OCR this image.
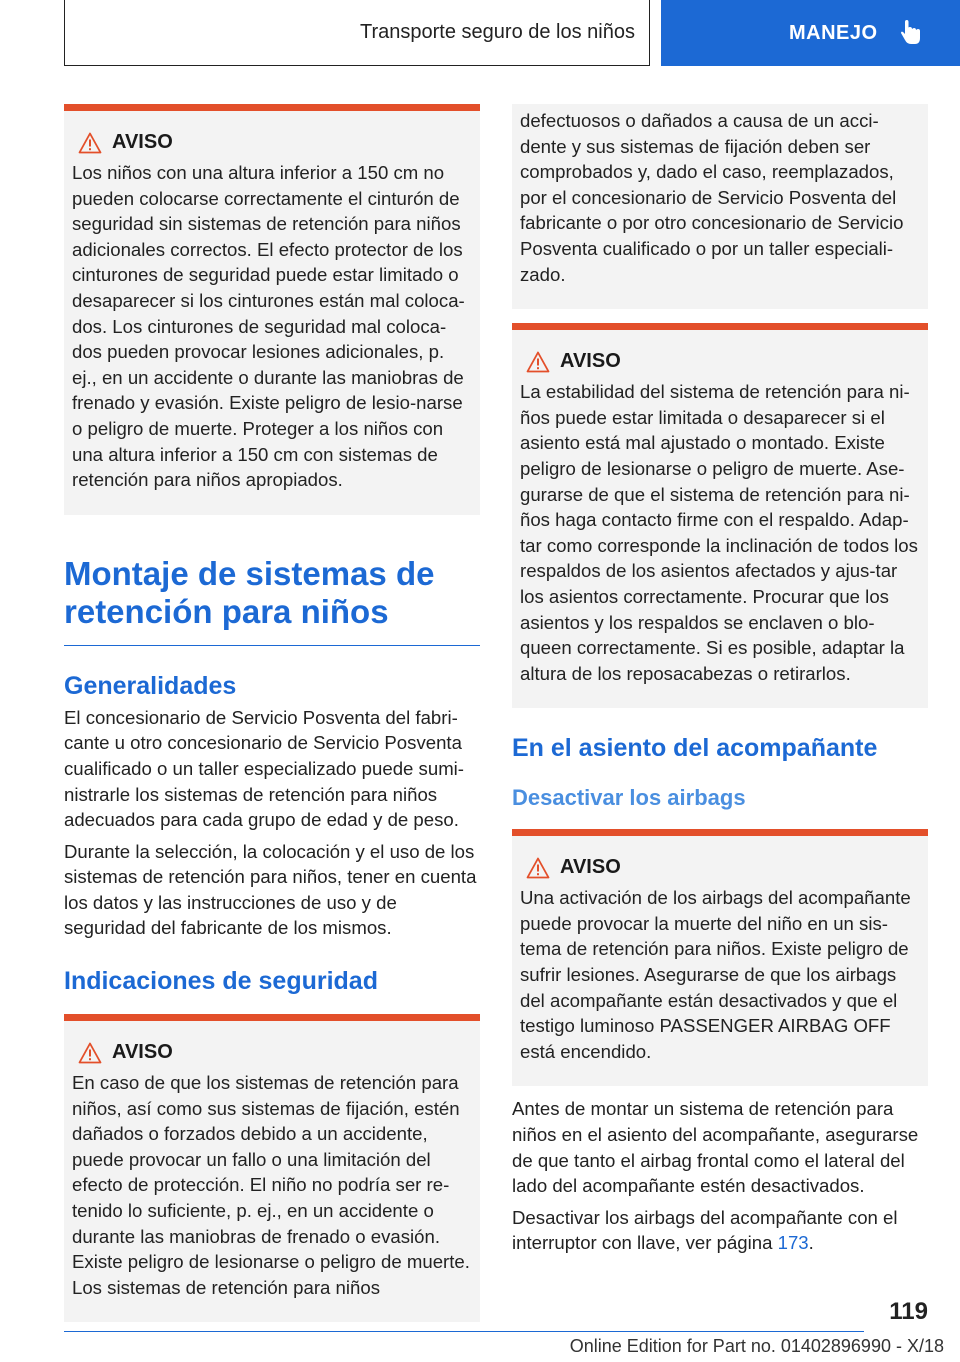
Transporte seguro de los niños	MANEJO
AVISO

Los niños con una altura inferior a 150 cm no pueden colocarse correctamente el cinturón de seguridad sin sistemas de retención para niños adicionales correctos. El efecto protector de los cinturones de seguridad puede estar limitado o desaparecer si los cinturones están mal coloca‐dos. Los cinturones de seguridad mal coloca‐dos pueden provocar lesiones adicionales, p. ej., en un accidente o durante las maniobras de frenado y evasión. Existe peligro de lesio‐narse o peligro de muerte. Proteger a los niños con una altura inferior a 150 cm con sistemas de retención para niños apropiados.

Montaje de sistemas de retención para niños
Generalidades

El concesionario de Servicio Posventa del fabri‐cante u otro concesionario de Servicio Posventa cualificado o un taller especializado puede sumi‐nistrarle los sistemas de retención para niños adecuados para cada grupo de edad y de peso.

Durante la selección, la colocación y el uso de los sistemas de retención para niños, tener en cuenta los datos y las instrucciones de uso y de seguridad del fabricante de los mismos.

Indicaciones de seguridad
AVISO

En caso de que los sistemas de retención para niños, así como sus sistemas de fijación, estén dañados o forzados debido a un accidente, puede provocar un fallo o una limitación del efecto de protección. El niño no podría ser re‐tenido lo suficiente, p. ej., en un accidente o durante las maniobras de frenado o evasión. Existe peligro de lesionarse o peligro de muerte. Los sistemas de retención para niños

defectuosos o dañados a causa de un acci‐dente y sus sistemas de fijación deben ser comprobados y, dado el caso, reemplazados, por el concesionario de Servicio Posventa del fabricante o por otro concesionario de Servicio Posventa cualificado o por un taller especiali‐zado.

AVISO

La estabilidad del sistema de retención para ni‐ños puede estar limitada o desaparecer si el asiento está mal ajustado o montado. Existe peligro de lesionarse o peligro de muerte. Ase‐gurarse de que el sistema de retención para ni‐ños haga contacto firme con el respaldo. Adap‐tar como corresponde la inclinación de todos los respaldos de los asientos afectados y ajus‐tar los asientos correctamente. Procurar que los asientos y los respaldos se enclaven o blo‐queen correctamente. Si es posible, adaptar la altura de los reposacabezas o retirarlos.

En el asiento del acompañante
Desactivar los airbags
AVISO

Una activación de los airbags del acompañante puede provocar la muerte del niño en un sis‐tema de retención para niños. Existe peligro de sufrir lesiones. Asegurarse de que los airbags del acompañante están desactivados y que el testigo luminoso PASSENGER AIRBAG OFF está encendido.

Antes de montar un sistema de retención para niños en el asiento del acompañante, asegurarse de que tanto el airbag frontal como el lateral del lado del acompañante estén desactivados.

Desactivar los airbags del acompañante con el interruptor con llave, ver página 173.

119
Online Edition for Part no. 01402896990 - X/18
